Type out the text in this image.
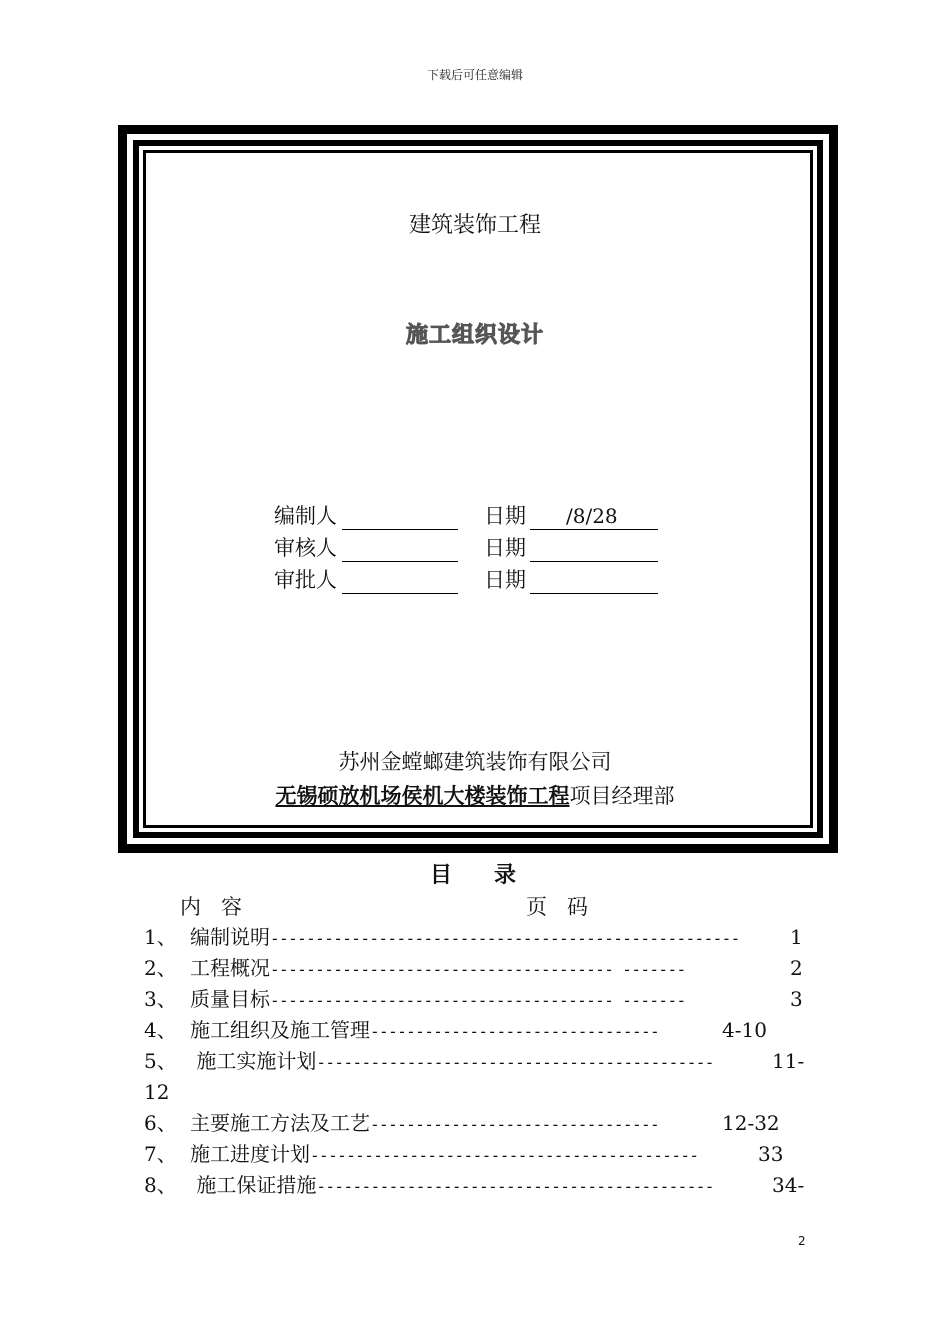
下载后可任意编辑
建筑装饰工程
施工组织设计
编制人	日期	/8/28
审核人	日期
审批人	日期
苏州金螳螂建筑装饰有限公司
无锡硕放机场侯机大楼装饰工程项目经理部
目录
内容	页码
1、 编制说明----------------------------------------------------	1
2、 工程概况-------------------------------------- -------	2
3、 质量目标-------------------------------------- -------	3
4、 施工组织及施工管理--------------------------------	4-10
5、 施工实施计划--------------------------------------------	11-
12
6、 主要施工方法及工艺--------------------------------	12-32
7、 施工进度计划-------------------------------------------	33
8、 施工保证措施--------------------------------------------	34-
2
